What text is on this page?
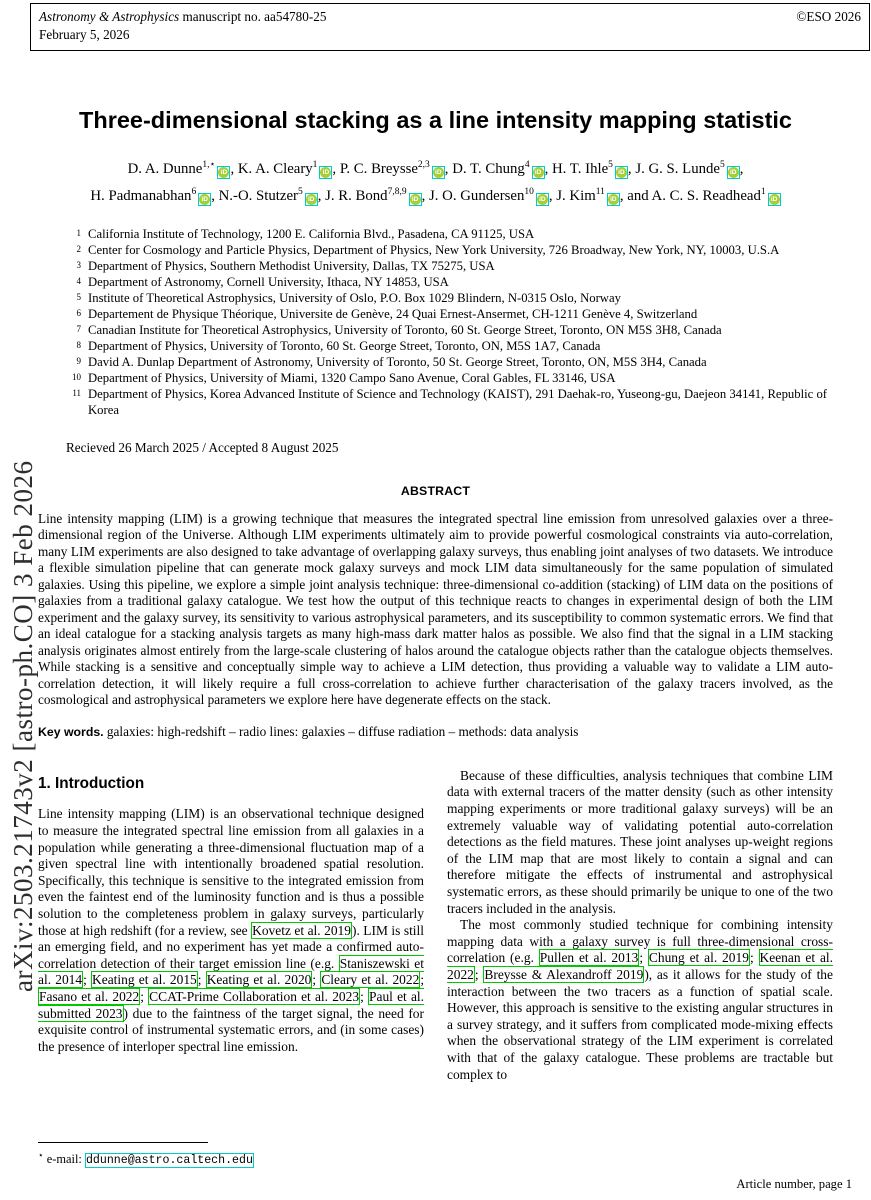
Astronomy & Astrophysics manuscript no. aa54780-25
February 5, 2026
©ESO 2026
arXiv:2503.21743v2 [astro-ph.CO] 3 Feb 2026
Three-dimensional stacking as a line intensity mapping statistic
D. A. Dunne$^{1,⋆}$iD , K. A. Cleary$^1$iD , P. C. Breysse$^{2,3}$iD , D. T. Chung$^4$iD , H. T. Ihle$^5$iD , J. G. S. Lunde$^5$iD ,
H. Padmanabhan$^6$iD , N.-O. Stutzer$^5$iD , J. R. Bond$^{7,8,9}$iD , J. O. Gundersen$^{10}$iD , J. Kim$^{11}$iD , and A. C. S. Readhead$^1$iD
1 California Institute of Technology, 1200 E. California Blvd., Pasadena, CA 91125, USA
2 Center for Cosmology and Particle Physics, Department of Physics, New York University, 726 Broadway, New York, NY, 10003, U.S.A
3 Department of Physics, Southern Methodist University, Dallas, TX 75275, USA
4 Department of Astronomy, Cornell University, Ithaca, NY 14853, USA
5 Institute of Theoretical Astrophysics, University of Oslo, P.O. Box 1029 Blindern, N-0315 Oslo, Norway
6 Departement de Physique Théorique, Universite de Genève, 24 Quai Ernest-Ansermet, CH-1211 Genève 4, Switzerland
7 Canadian Institute for Theoretical Astrophysics, University of Toronto, 60 St. George Street, Toronto, ON M5S 3H8, Canada
8 Department of Physics, University of Toronto, 60 St. George Street, Toronto, ON, M5S 1A7, Canada
9 David A. Dunlap Department of Astronomy, University of Toronto, 50 St. George Street, Toronto, ON, M5S 3H4, Canada
10 Department of Physics, University of Miami, 1320 Campo Sano Avenue, Coral Gables, FL 33146, USA
11 Department of Physics, Korea Advanced Institute of Science and Technology (KAIST), 291 Daehak-ro, Yuseong-gu, Daejeon 34141, Republic of Korea
Recieved 26 March 2025 / Accepted 8 August 2025
ABSTRACT
Line intensity mapping (LIM) is a growing technique that measures the integrated spectral line emission from unresolved galaxies over a three-dimensional region of the Universe. Although LIM experiments ultimately aim to provide powerful cosmological constraints via auto-correlation, many LIM experiments are also designed to take advantage of overlapping galaxy surveys, thus enabling joint analyses of two datasets. We introduce a flexible simulation pipeline that can generate mock galaxy surveys and mock LIM data simultaneously for the same population of simulated galaxies. Using this pipeline, we explore a simple joint analysis technique: three-dimensional co-addition (stacking) of LIM data on the positions of galaxies from a traditional galaxy catalogue. We test how the output of this technique reacts to changes in experimental design of both the LIM experiment and the galaxy survey, its sensitivity to various astrophysical parameters, and its susceptibility to common systematic errors. We find that an ideal catalogue for a stacking analysis targets as many high-mass dark matter halos as possible. We also find that the signal in a LIM stacking analysis originates almost entirely from the large-scale clustering of halos around the catalogue objects rather than the catalogue objects themselves. While stacking is a sensitive and conceptually simple way to achieve a LIM detection, thus providing a valuable way to validate a LIM auto-correlation detection, it will likely require a full cross-correlation to achieve further characterisation of the galaxy tracers involved, as the cosmological and astrophysical parameters we explore here have degenerate effects on the stack.
Key words. galaxies: high-redshift – radio lines: galaxies – diffuse radiation – methods: data analysis
1. Introduction

Line intensity mapping (LIM) is an observational technique designed to measure the integrated spectral line emission from all galaxies in a population while generating a three-dimensional fluctuation map of a given spectral line with intentionally broadened spatial resolution. Specifically, this technique is sensitive to the integrated emission from even the faintest end of the luminosity function and is thus a possible solution to the completeness problem in galaxy surveys, particularly those at high redshift (for a review, see Kovetz et al. 2019). LIM is still an emerging field, and no experiment has yet made a confirmed auto-correlation detection of their target emission line (e.g. Staniszewski et al. 2014; Keating et al. 2015; Keating et al. 2020; Cleary et al. 2022; Fasano et al. 2022; CCAT-Prime Collaboration et al. 2023; Paul et al. submitted 2023) due to the faintness of the target signal, the need for exquisite control of instrumental systematic errors, and (in some cases) the presence of interloper spectral line emission.

Because of these difficulties, analysis techniques that combine LIM data with external tracers of the matter density (such as other intensity mapping experiments or more traditional galaxy surveys) will be an extremely valuable way of validating potential auto-correlation detections as the field matures. These joint analyses up-weight regions of the LIM map that are most likely to contain a signal and can therefore mitigate the effects of instrumental and astrophysical systematic errors, as these should primarily be unique to one of the two tracers included in the analysis.

The most commonly studied technique for combining intensity mapping data with a galaxy survey is full three-dimensional cross-correlation (e.g. Pullen et al. 2013; Chung et al. 2019; Keenan et al. 2022; Breysse & Alexandroff 2019), as it allows for the study of the interaction between the two tracers as a function of spatial scale. However, this approach is sensitive to the existing angular structures in a survey strategy, and it suffers from complicated mode-mixing effects when the observational strategy of the LIM experiment is correlated with that of the galaxy catalogue. These problems are tractable but complex to

⋆ e-mail: ddunne@astro.caltech.edu
Article number, page 1
